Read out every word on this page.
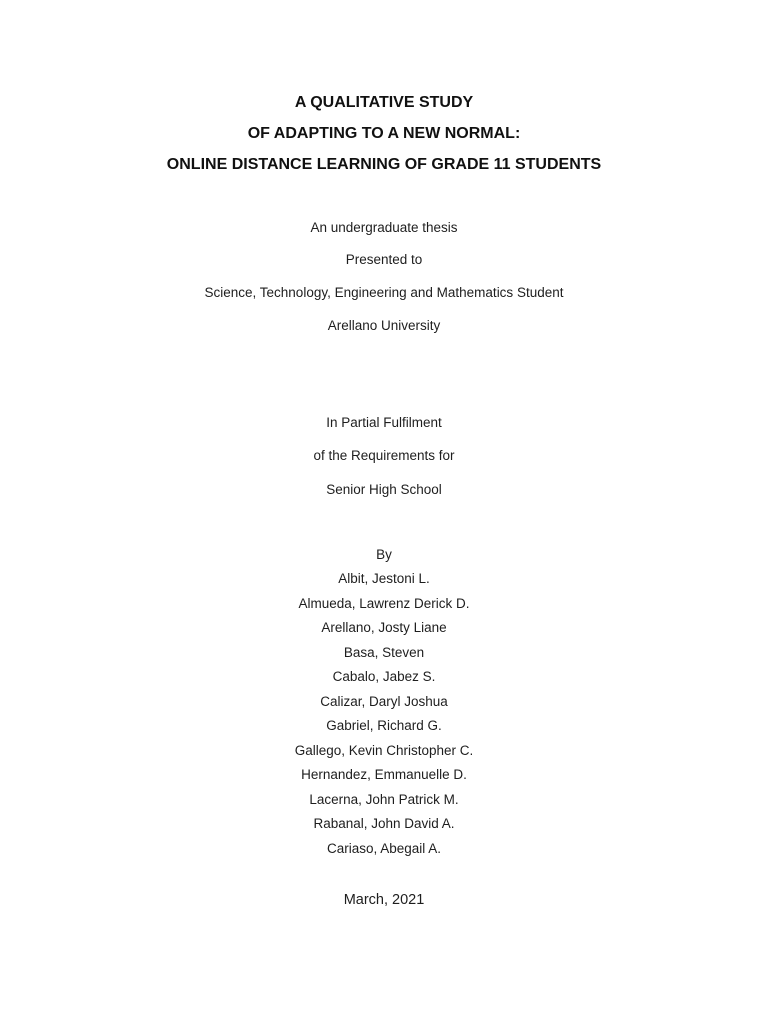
A QUALITATIVE STUDY
OF ADAPTING TO A NEW NORMAL:
ONLINE DISTANCE LEARNING OF GRADE 11 STUDENTS
An undergraduate thesis
Presented to
Science, Technology, Engineering and Mathematics Student
Arellano University
In Partial Fulfilment
of the Requirements for
Senior High School
By
Albit, Jestoni L.
Almueda, Lawrenz Derick D.
Arellano, Josty Liane
Basa, Steven
Cabalo, Jabez S.
Calizar, Daryl Joshua
Gabriel, Richard G.
Gallego, Kevin Christopher C.
Hernandez, Emmanuelle D.
Lacerna, John Patrick M.
Rabanal, John David A.
Cariaso, Abegail A.
March, 2021
